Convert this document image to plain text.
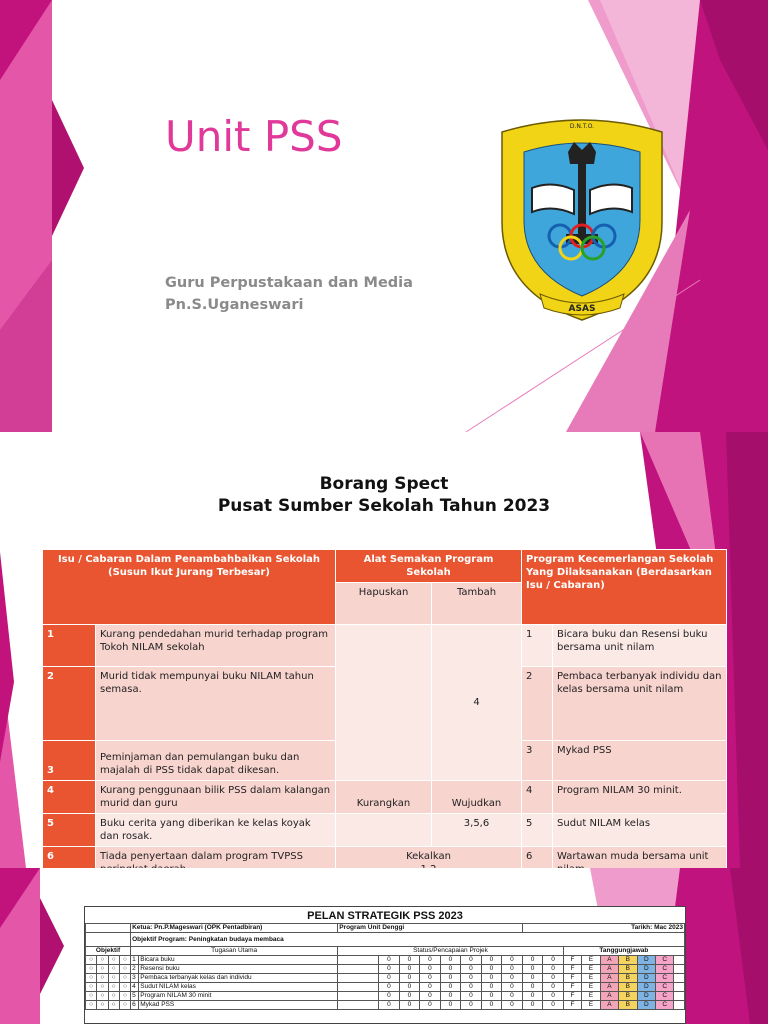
Unit PSS
ASAS
D.N.T.O.
Guru Perpustakaan dan Media
Pn.S.Uganeswari
Borang Spect
Pusat Sumber Sekolah Tahun 2023
Isu / Cabaran Dalam Penambahbaikan Sekolah (Susun Ikut Jurang Terbesar)		Alat Semakan Program Sekolah		Program Kecemerlangan Sekolah Yang Dilaksanakan (Berdasarkan Isu / Cabaran)	
		Hapuskan	Tambah		
1	Kurang pendedahan murid terhadap program Tokoh NILAM sekolah		4	1	Bicara buku dan Resensi buku bersama unit nilam
2	Murid tidak mempunyai buku NILAM tahun semasa.			2	Pembaca terbanyak individu dan kelas bersama unit nilam
3	Peminjaman dan pemulangan buku dan majalah di PSS tidak dapat dikesan.			3	Mykad PSS
4	Kurang penggunaan bilik PSS dalam kalangan murid dan guru	Kurangkan	Wujudkan	4	Program NILAM 30 minit.
5	Buku cerita yang diberikan ke kelas koyak dan rosak.		3,5,6	5	Sudut NILAM kelas
6	Tiada penyertaan dalam program TVPSS	Kekalkan		6	Wartawan muda bersama unit
PELAN STRATEGIK PSS 2023
				Ketua: Pn.P.Mageswari (OPK Pentadbiran)		Program Unit Denggi								Tarikh: Mac 2023								
				Objektif Program: Peningkatan budaya membaca																		
Objektif				Tugasan Utama		Status/Pencapaian Projek										Tanggungjawab						
○	○	○	○	1	Bicara buku		0	0	0	0	0	0	0	0	0	F	E	A	B	D	C	
○	○	○	○	2	Resensi buku		0	0	0	0	0	0	0	0	0	F	E	A	B	D	C	
○	○	○	○	3	Pembaca terbanyak kelas dan individu		0	0	0	0	0	0	0	0	0	F	E	A	B	D	C	
○	○	○	○	4	Sudut NILAM kelas		0	0	0	0	0	0	0	0	0	F	E	A	B	D	C	
○	○	○	○	5	Program NILAM 30 minit		0	0	0	0	0	0	0	0	0	F	E	A	B	D	C	
○	○	○	○	6	Mykad PSS		0	0	0	0	0	0	0	0	0	F	E	A	B	D	C	
